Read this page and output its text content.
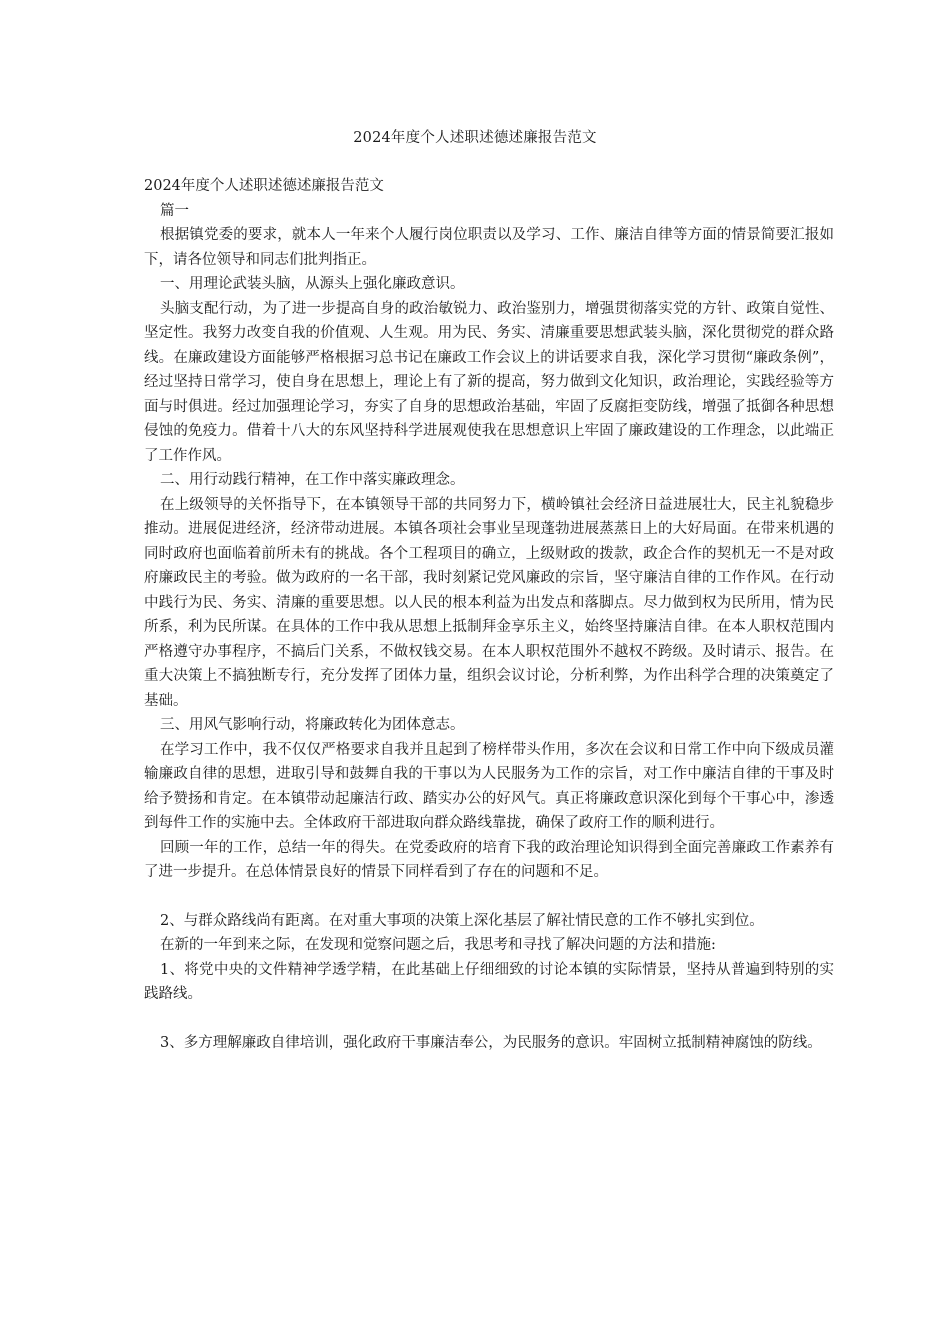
2024年度个人述职述德述廉报告范文

2024年度个人述职述德述廉报告范文

篇一

根据镇党委的要求，就本人一年来个人履行岗位职责以及学习、工作、廉洁自律等方面的情景简要汇报如下，请各位领导和同志们批判指正。

一、用理论武装头脑，从源头上强化廉政意识。

头脑支配行动，为了进一步提高自身的政治敏锐力、政治鉴别力，增强贯彻落实党的方针、政策自觉性、坚定性。我努力改变自我的价值观、人生观。用为民、务实、清廉重要思想武装头脑，深化贯彻党的群众路线。在廉政建设方面能够严格根据习总书记在廉政工作会议上的讲话要求自我，深化学习贯彻“廉政条例”，经过坚持日常学习，使自身在思想上，理论上有了新的提高，努力做到文化知识，政治理论，实践经验等方面与时俱进。经过加强理论学习，夯实了自身的思想政治基础，牢固了反腐拒变防线，增强了抵御各种思想侵蚀的免疫力。借着十八大的东风坚持科学进展观使我在思想意识上牢固了廉政建设的工作理念，以此端正了工作作风。

二、用行动践行精神，在工作中落实廉政理念。

在上级领导的关怀指导下，在本镇领导干部的共同努力下，横岭镇社会经济日益进展壮大，民主礼貌稳步推动。进展促进经济，经济带动进展。本镇各项社会事业呈现蓬勃进展蒸蒸日上的大好局面。在带来机遇的同时政府也面临着前所未有的挑战。各个工程项目的确立，上级财政的拨款，政企合作的契机无一不是对政府廉政民主的考验。做为政府的一名干部，我时刻紧记党风廉政的宗旨，坚守廉洁自律的工作作风。在行动中践行为民、务实、清廉的重要思想。以人民的根本利益为出发点和落脚点。尽力做到权为民所用，情为民所系，利为民所谋。在具体的工作中我从思想上抵制拜金享乐主义，始终坚持廉洁自律。在本人职权范围内严格遵守办事程序，不搞后门关系，不做权钱交易。在本人职权范围外不越权不跨级。及时请示、报告。在重大决策上不搞独断专行，充分发挥了团体力量，组织会议讨论，分析利弊，为作出科学合理的决策奠定了基础。

三、用风气影响行动，将廉政转化为团体意志。

在学习工作中，我不仅仅严格要求自我并且起到了榜样带头作用，多次在会议和日常工作中向下级成员灌输廉政自律的思想，进取引导和鼓舞自我的干事以为人民服务为工作的宗旨，对工作中廉洁自律的干事及时给予赞扬和肯定。在本镇带动起廉洁行政、踏实办公的好风气。真正将廉政意识深化到每个干事心中，渗透到每件工作的实施中去。全体政府干部进取向群众路线靠拢，确保了政府工作的顺利进行。

回顾一年的工作，总结一年的得失。在党委政府的培育下我的政治理论知识得到全面完善廉政工作素养有了进一步提升。在总体情景良好的情景下同样看到了存在的问题和不足。

2、与群众路线尚有距离。在对重大事项的决策上深化基层了解社情民意的工作不够扎实到位。

在新的一年到来之际，在发现和觉察问题之后，我思考和寻找了解决问题的方法和措施:

1、将党中央的文件精神学透学精，在此基础上仔细细致的讨论本镇的实际情景，坚持从普遍到特别的实践路线。

3、多方理解廉政自律培训，强化政府干事廉洁奉公，为民服务的意识。牢固树立抵制精神腐蚀的防线。
